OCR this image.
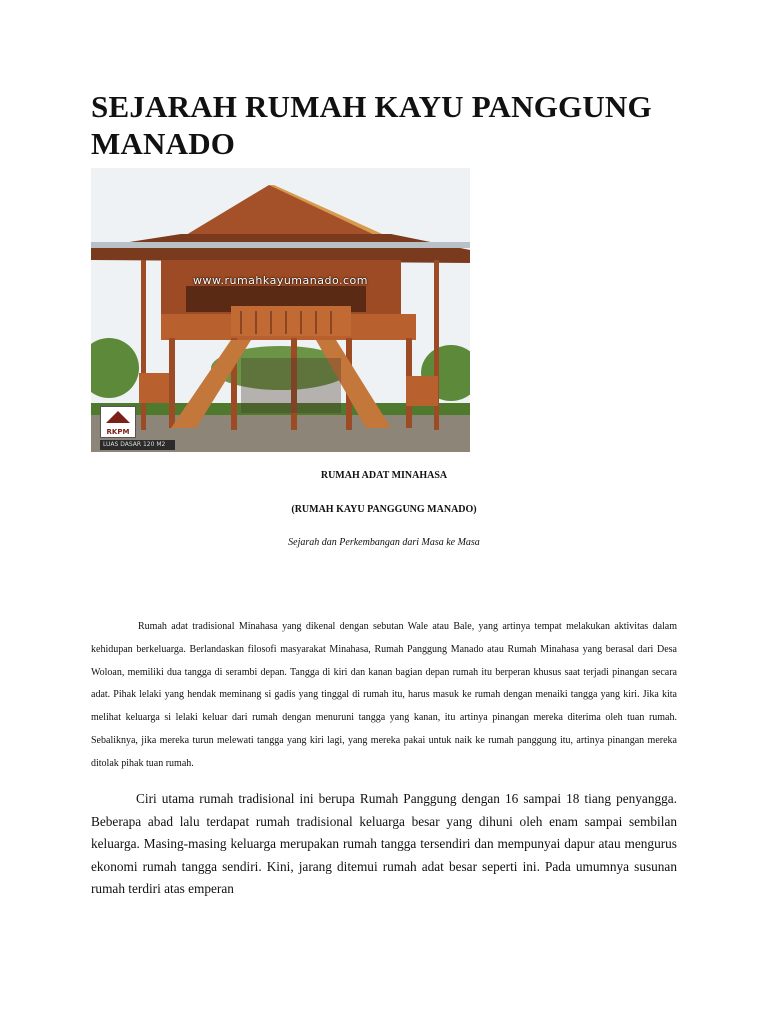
SEJARAH RUMAH KAYU PANGGUNG MANADO
www.rumahkayumanado.com
RKPM
LUAS DASAR 120 M2

RUMAH ADAT MINAHASA

(RUMAH KAYU PANGGUNG MANADO)

Sejarah dan Perkembangan dari Masa ke Masa

Rumah adat tradisional Minahasa yang dikenal dengan sebutan Wale atau Bale, yang artinya tempat melakukan aktivitas dalam kehidupan berkeluarga. Berlandaskan filosofi masyarakat Minahasa, Rumah Panggung Manado atau Rumah Minahasa yang berasal dari Desa Woloan, memiliki dua tangga di serambi depan. Tangga di kiri dan kanan bagian depan rumah itu berperan khusus saat terjadi pinangan secara adat. Pihak lelaki yang hendak meminang si gadis yang tinggal di rumah itu, harus masuk ke rumah dengan menaiki tangga yang kiri. Jika kita melihat keluarga si lelaki keluar dari rumah dengan menuruni tangga yang kanan, itu artinya pinangan mereka diterima oleh tuan rumah. Sebaliknya, jika mereka turun melewati tangga yang kiri lagi, yang mereka pakai untuk naik ke rumah panggung itu, artinya pinangan mereka ditolak pihak tuan rumah.

Ciri utama rumah tradisional ini berupa Rumah Panggung dengan 16 sampai 18 tiang penyangga. Beberapa abad lalu terdapat rumah tradisional keluarga besar yang dihuni oleh enam sampai sembilan keluarga. Masing-masing keluarga merupakan rumah tangga tersendiri dan mempunyai dapur atau mengurus ekonomi rumah tangga sendiri. Kini, jarang ditemui rumah adat besar seperti ini. Pada umumnya susunan rumah terdiri atas emperan
